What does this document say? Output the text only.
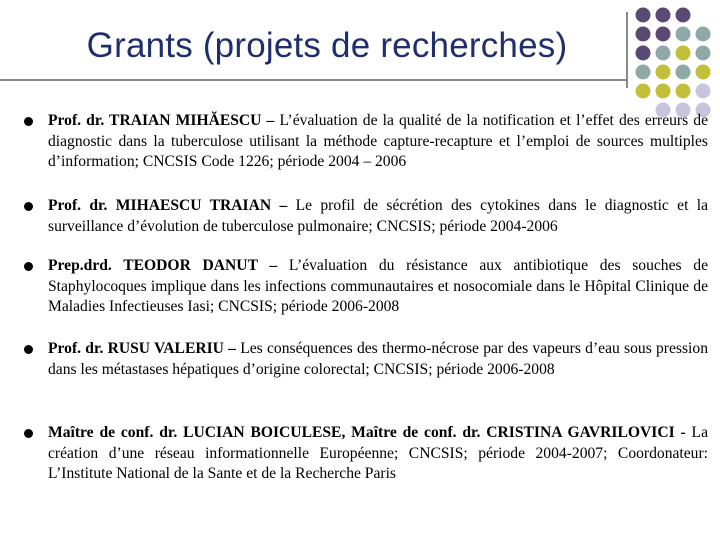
Grants (projets de recherches)
Prof. dr. TRAIAN MIHĂESCU – L’évaluation de la qualité de la notification et l’effet des erreurs de diagnostic dans la tuberculose utilisant la méthode capture-recapture et l’emploi de sources multiples d’information; CNCSIS Code 1226; période 2004 – 2006
Prof. dr. MIHAESCU TRAIAN – Le profil de sécrétion des cytokines dans le diagnostic et la surveillance d’évolution de tuberculose pulmonaire; CNCSIS; période 2004-2006
Prep.drd. TEODOR DANUT – L’évaluation du résistance aux antibiotique des souches de Staphylocoques implique dans les infections communautaires et nosocomiale dans le Hôpital Clinique de Maladies Infectieuses Iasi; CNCSIS; période 2006-2008
Prof. dr. RUSU VALERIU – Les conséquences des thermo-nécrose par des vapeurs d’eau sous pression dans les métastases hépatiques d’origine colorectal; CNCSIS; période 2006-2008
Maître de conf. dr. LUCIAN BOICULESE, Maître de conf. dr. CRISTINA GAVRILOVICI - La création d’une réseau informationnelle Européenne; CNCSIS; période 2004-2007; Coordonateur: L’Institute National de la Sante et de la Recherche Paris
